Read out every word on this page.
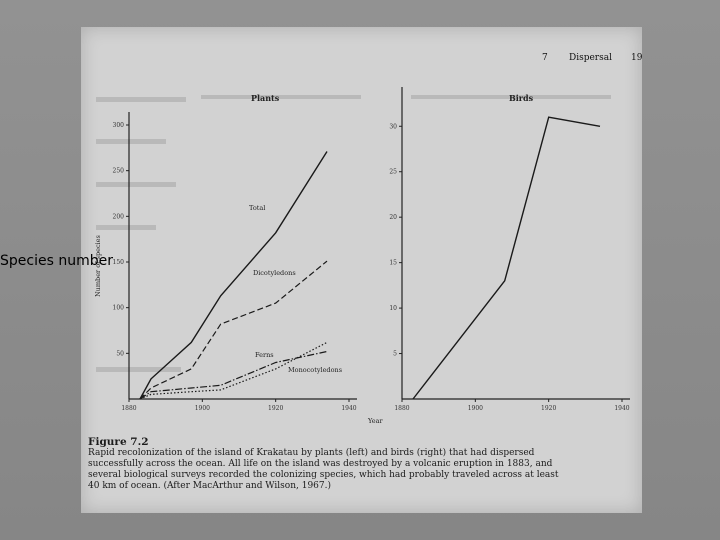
7 Dispersal 19
Plants
Number of species
Year
50
100
150
200
250
300
1880	1900	1920	1940
Total
Dicotyledons
Ferns
Monocotyledons
Birds
5
10
15
20
25
30
1880	1900	1920	1940
Figure 7.2
Rapid recolonization of the island of Krakatau by plants (left) and birds (right) that had dispersed successfully across the ocean. All life on the island was destroyed by a volcanic eruption in 1883, and several biological surveys recorded the colonizing species, which had probably traveled across at least 40 km of ocean. (After MacArthur and Wilson, 1967.)
Species number
